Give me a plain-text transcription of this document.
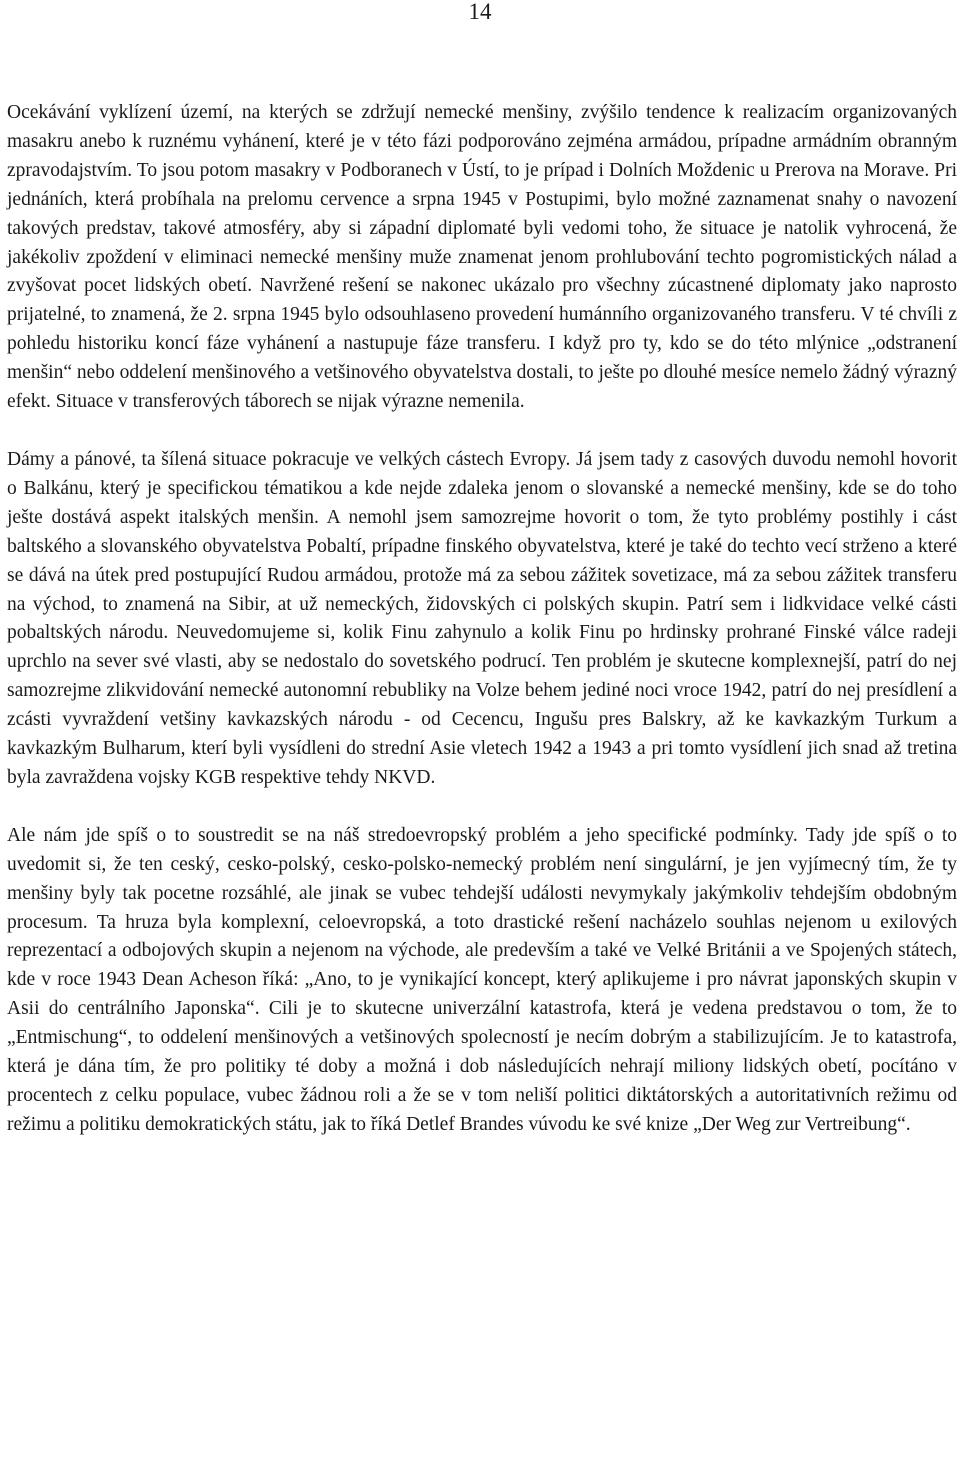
14

Ocekávání vyklízení území, na kterých se zdržují nemecké menšiny, zvýšilo tendence k realizacím organizovaných masakru anebo k ruznému vyhánení, které je v této fázi podporováno zejména armádou, prípadne armádním obranným zpravodajstvím. To jsou potom masakry v Podboranech v Ústí, to je prípad i Dolních Moždenic u Prerova na Morave. Pri jednáních, která probíhala na prelomu cervence a srpna 1945 v Postupimi, bylo možné zaznamenat snahy o navození takových predstav, takové atmosféry, aby si západní diplomaté byli vedomi toho, že situace je natolik vyhrocená, že jakékoliv zpoždení v eliminaci nemecké menšiny muže znamenat jenom prohlubování techto pogromistických nálad a zvyšovat pocet lidských obetí. Navržené rešení se nakonec ukázalo pro všechny zúcastnené diplomaty jako naprosto prijatelné, to znamená, že 2. srpna 1945 bylo odsouhlaseno provedení humánního organizovaného transferu. V té chvíli z pohledu historiku koncí fáze vyhánení a nastupuje fáze transferu. I když pro ty, kdo se do této mlýnice „odstranení menšin“ nebo oddelení menšinového a vetšinového obyvatelstva dostali, to ješte po dlouhé mesíce nemelo žádný výrazný efekt. Situace v transferových táborech se nijak výrazne nemenila.

Dámy a pánové, ta šílená situace pokracuje ve velkých cástech Evropy. Já jsem tady z casových duvodu nemohl hovorit o Balkánu, který je specifickou tématikou a kde nejde zdaleka jenom o slovanské a nemecké menšiny, kde se do toho ješte dostává aspekt italských menšin. A nemohl jsem samozrejme hovorit o tom, že tyto problémy postihly i cást baltského a slovanského obyvatelstva Pobaltí, prípadne finského obyvatelstva, které je také do techto vecí strženo a které se dává na útek pred postupující Rudou armádou, protože má za sebou zážitek sovetizace, má za sebou zážitek transferu na východ, to znamená na Sibir, at už nemeckých, židovských ci polských skupin. Patrí sem i lidkvidace velké cásti pobaltských národu. Neuvedomujeme si, kolik Finu zahynulo a kolik Finu po hrdinsky prohrané Finské válce radeji uprchlo na sever své vlasti, aby se nedostalo do sovetského podrucí. Ten problém je skutecne komplexnejší, patrí do nej samozrejme zlikvidování nemecké autonomní rebubliky na Volze behem jediné noci vroce 1942, patrí do nej presídlení a zcásti vyvraždení vetšiny kavkazských národu - od Cecencu, Ingušu pres Balskry, až ke kavkazkým Turkum a kavkazkým Bulharum, kterí byli vysídleni do strední Asie vletech 1942 a 1943 a pri tomto vysídlení jich snad až tretina byla zavraždena vojsky KGB respektive tehdy NKVD.

Ale nám jde spíš o to soustredit se na náš stredoevropský problém a jeho specifické podmínky. Tady jde spíš o to uvedomit si, že ten ceský, cesko-polský, cesko-polsko-nemecký problém není singulární, je jen vyjímecný tím, že ty menšiny byly tak pocetne rozsáhlé, ale jinak se vubec tehdejší události nevymykaly jakýmkoliv tehdejším obdobným procesum. Ta hruza byla komplexní, celoevropská, a toto drastické rešení nacházelo souhlas nejenom u exilových reprezentací a odbojových skupin a nejenom na východe, ale predevším a také ve Velké Británii a ve Spojených státech, kde v roce 1943 Dean Acheson říká: „Ano, to je vynikající koncept, který aplikujeme i pro návrat japonských skupin v Asii do centrálního Japonska“. Cili je to skutecne univerzální katastrofa, která je vedena predstavou o tom, že to „Entmischung“, to oddelení menšinových a vetšinových spolecností je necím dobrým a stabilizujícím. Je to katastrofa, která je dána tím, že pro politiky té doby a možná i dob následujících nehrají miliony lidských obetí, pocítáno v procentech z celku populace, vubec žádnou roli a že se v tom neliší politici diktátorských a autoritativních režimu od režimu a politiku demokratických státu, jak to říká Detlef Brandes vúvodu ke své knize „Der Weg zur Vertreibung“.
